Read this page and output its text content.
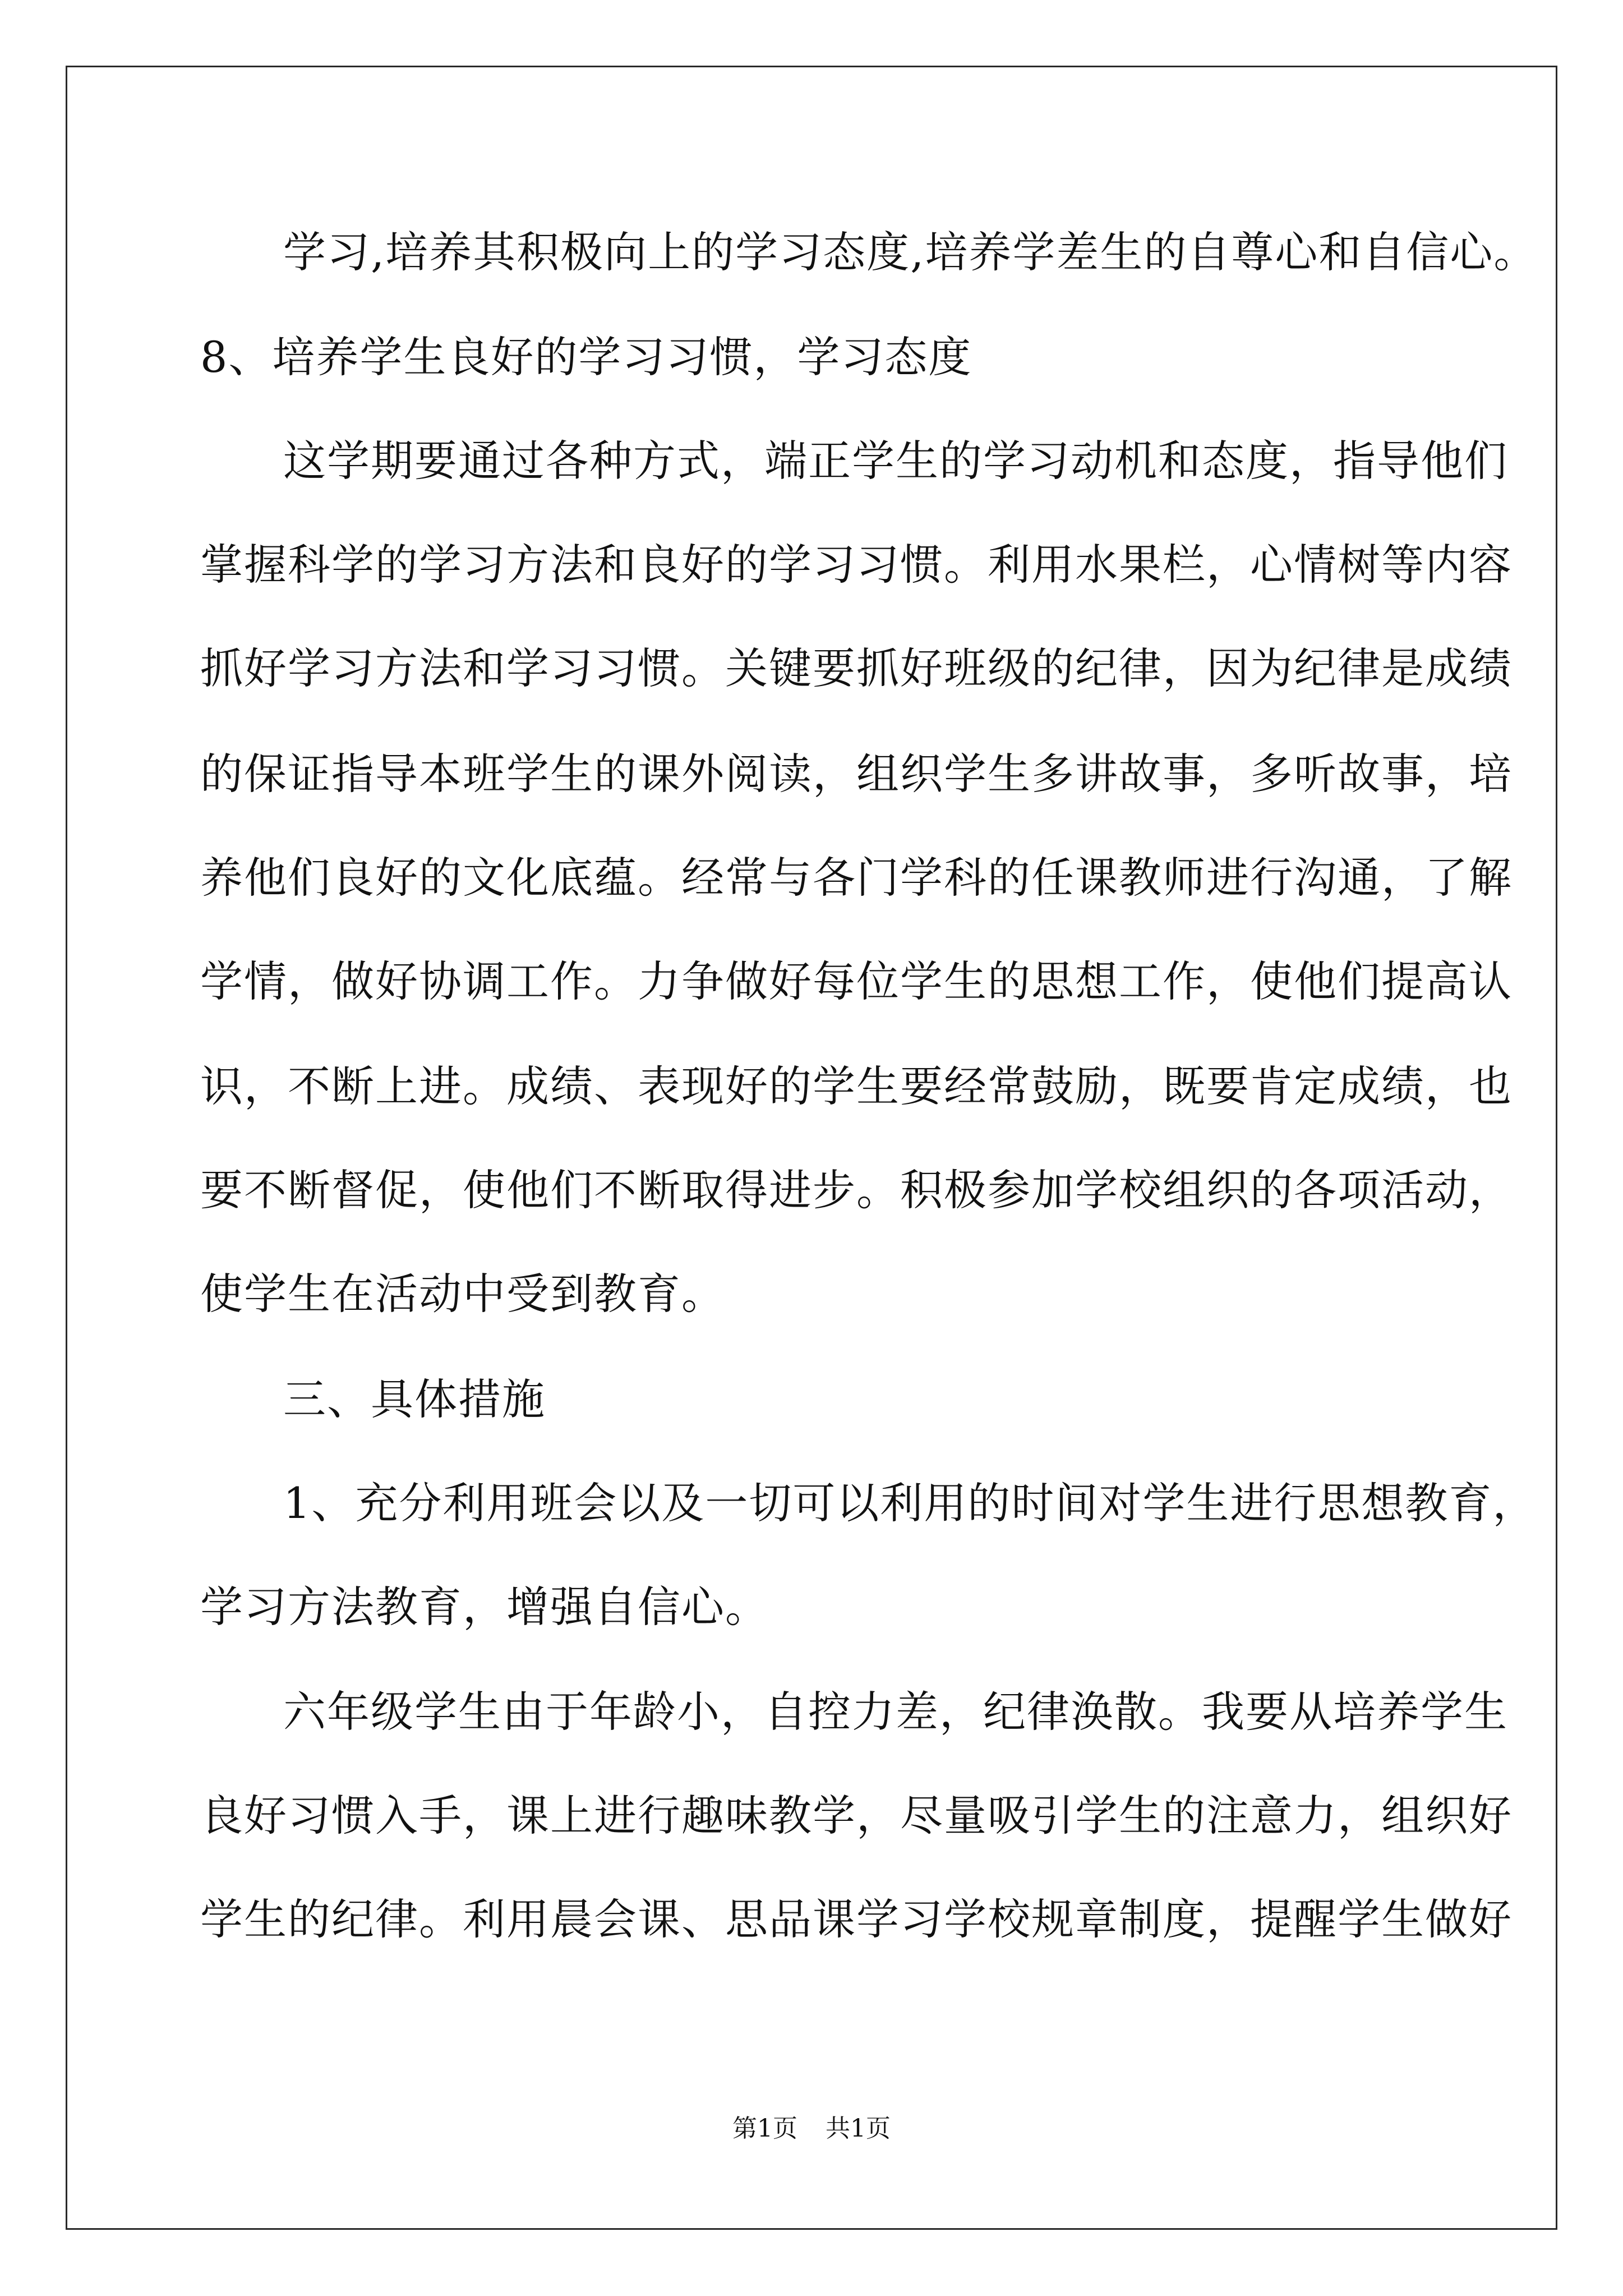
学习,培养其积极向上的学习态度,培养学差生的自尊心和自信心。
8、培养学生良好的学习习惯，学习态度
这学期要通过各种方式，端正学生的学习动机和态度，指导他们
掌握科学的学习方法和良好的学习习惯。利用水果栏，心情树等内容
抓好学习方法和学习习惯。关键要抓好班级的纪律，因为纪律是成绩
的保证指导本班学生的课外阅读，组织学生多讲故事，多听故事，培
养他们良好的文化底蕴。经常与各门学科的任课教师进行沟通，了解
学情，做好协调工作。力争做好每位学生的思想工作，使他们提高认
识，不断上进。成绩、表现好的学生要经常鼓励，既要肯定成绩，也
要不断督促，使他们不断取得进步。积极参加学校组织的各项活动，
使学生在活动中受到教育。
三、具体措施
1、充分利用班会以及一切可以利用的时间对学生进行思想教育，
学习方法教育，增强自信心。
六年级学生由于年龄小，自控力差，纪律涣散。我要从培养学生
良好习惯入手，课上进行趣味教学，尽量吸引学生的注意力，组织好
学生的纪律。利用晨会课、思品课学习学校规章制度，提醒学生做好
第1页 共1页
